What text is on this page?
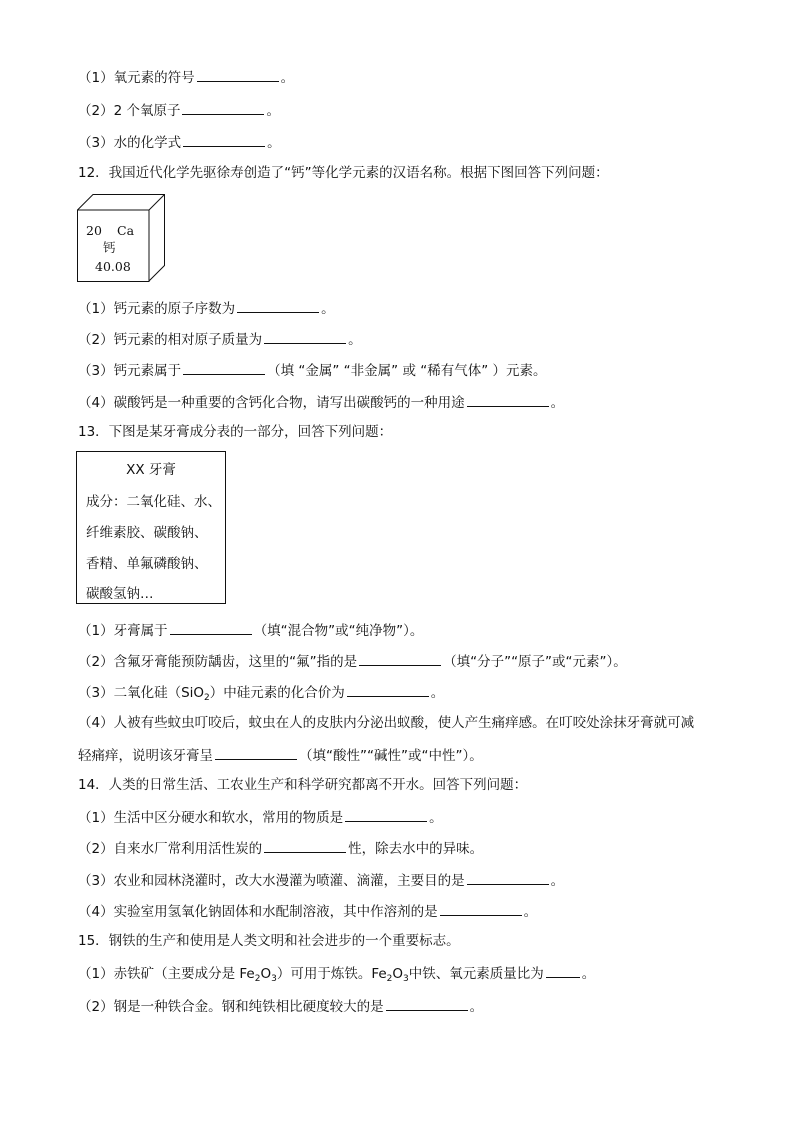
（1）氧元素的符号	。
（2）2 个氧原子	。
（3）水的化学式	。
12．我国近代化学先驱徐寿创造了“钙”等化学元素的汉语名称。根据下图回答下列问题：
20 Ca
钙
40.08
（1）钙元素的原子序数为	。
（2）钙元素的相对原子质量为	。
（3）钙元素属于	（填 “金属” “非金属” 或 “稀有气体” ）元素。
（4）碳酸钙是一种重要的含钙化合物，请写出碳酸钙的一种用途	。
13．下图是某牙膏成分表的一部分，回答下列问题：
XX 牙膏
成分：二氧化硅、水、
纤维素胶、碳酸钠、
香精、单氟磷酸钠、
碳酸氢钠…
（1）牙膏属于	（填“混合物”或“纯净物”）。
（2）含氟牙膏能预防龋齿，这里的“氟”指的是	（填“分子”“原子”或“元素”）。
（3）二氧化硅（SiO$_2$）中硅元素的化合价为	。
（4）人被有些蚊虫叮咬后，蚊虫在人的皮肤内分泌出蚁酸，使人产生痛痒感。在叮咬处涂抹牙膏就可减
轻痛痒，说明该牙膏呈	（填“酸性”“碱性”或“中性”）。
14．人类的日常生活、工农业生产和科学研究都离不开水。回答下列问题：
（1）生活中区分硬水和软水，常用的物质是	。
（2）自来水厂常利用活性炭的	性，除去水中的异味。
（3）农业和园林浇灌时，改大水漫灌为喷灌、滴灌，主要目的是	。
（4）实验室用氢氧化钠固体和水配制溶液，其中作溶剂的是	。
15．钢铁的生产和使用是人类文明和社会进步的一个重要标志。
（1）赤铁矿（主要成分是 $Fe_2O_3$）可用于炼铁。$Fe_2O_3$中铁、氧元素质量比为	。
（2）钢是一种铁合金。钢和纯铁相比硬度较大的是	。
